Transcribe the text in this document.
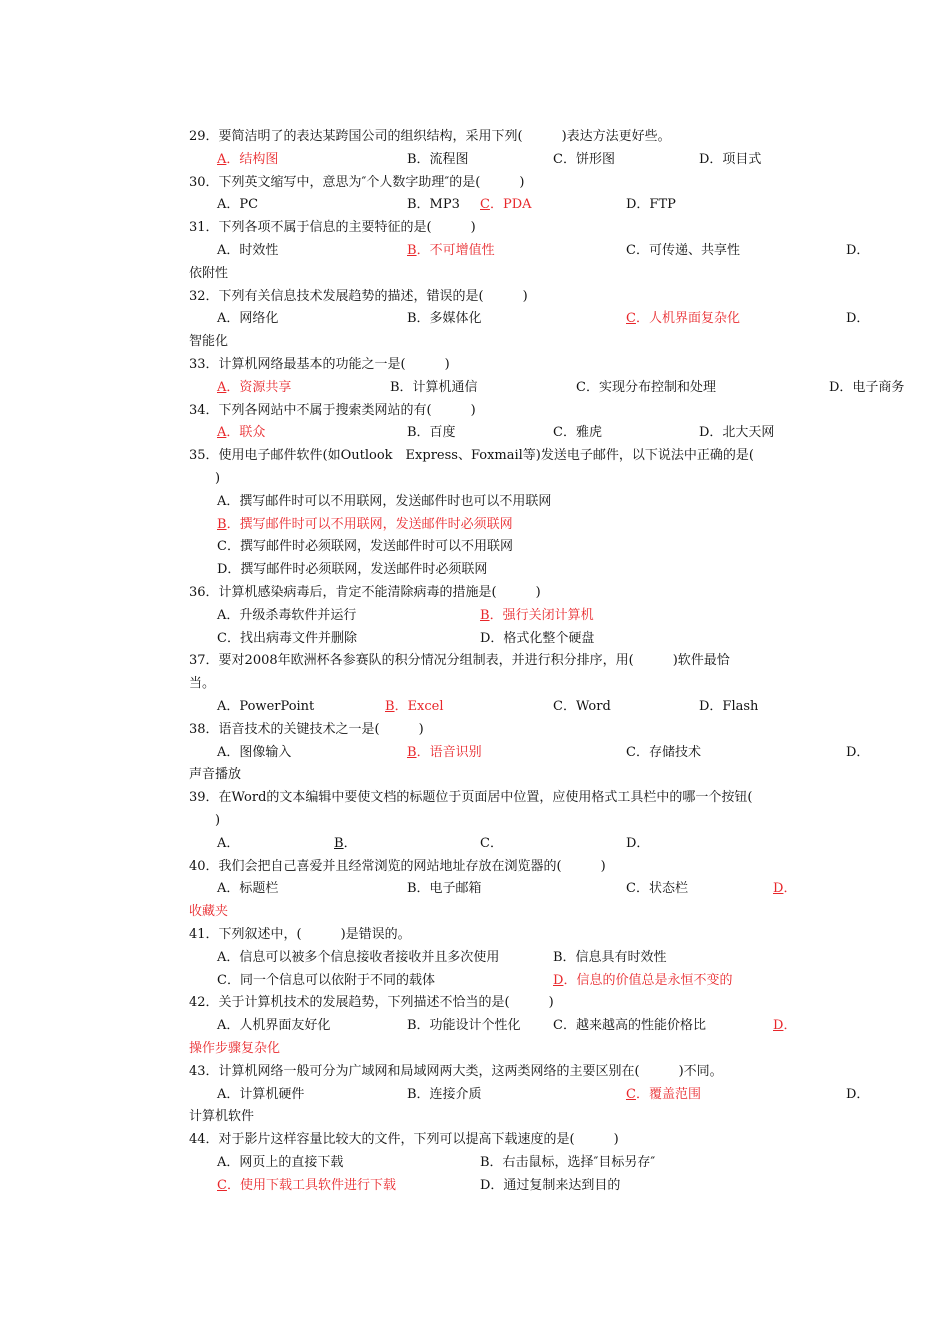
29．要简洁明了的表达某跨国公司的组织结构，采用下列(　　　)表达方法更好些。
A．结构图	B．流程图	C．饼形图	D．项目式
30．下列英文缩写中，意思为″个人数字助理″的是(　　　)
A．PC	B．MP3 C．PDA	D．FTP
31．下列各项不属于信息的主要特征的是(　　　)
A．时效性	B．不可增值性	C．可传递、共享性	D．
依附性
32．下列有关信息技术发展趋势的描述，错误的是(　　　)
A．网络化	B．多媒体化	C．人机界面复杂化	D．
智能化
33．计算机网络最基本的功能之一是(　　　)
A．资源共享	B．计算机通信	C．实现分布控制和处理	D．电子商务
34．下列各网站中不属于搜索类网站的有(　　　)
A．联众	B．百度	C．雅虎	D．北大天网
35．使用电子邮件软件(如Outlook　Express、Foxmail等)发送电子邮件，以下说法中正确的是(
　　)
A．撰写邮件时可以不用联网，发送邮件时也可以不用联网
B．撰写邮件时可以不用联网，发送邮件时必须联网
C．撰写邮件时必须联网，发送邮件时可以不用联网
D．撰写邮件时必须联网，发送邮件时必须联网
36．计算机感染病毒后，肯定不能清除病毒的措施是(　　　)
A．升级杀毒软件并运行	B．强行关闭计算机
C．找出病毒文件并删除	D．格式化整个硬盘
37．要对2008年欧洲杯各参赛队的积分情况分组制表，并进行积分排序，用(　　　)软件最恰
当。
A．PowerPoint	B．Excel	C．Word	D．Flash
38．语音技术的关键技术之一是(　　　)
A．图像输入	B．语音识别	C．存储技术	D．
声音播放
39．在Word的文本编辑中要使文档的标题位于页面居中位置，应使用格式工具栏中的哪一个按钮(
　　)
A．	B．	C．	D．
40．我们会把自己喜爱并且经常浏览的网站地址存放在浏览器的(　　　)
A．标题栏	B．电子邮箱	C．状态栏	D．
收藏夹
41．下列叙述中，(　　　)是错误的。
A．信息可以被多个信息接收者接收并且多次使用	B．信息具有时效性
C．同一个信息可以依附于不同的载体	D．信息的价值总是永恒不变的
42．关于计算机技术的发展趋势，下列描述不恰当的是(　　　)
A．人机界面友好化	B．功能设计个性化 C．越来越高的性能价格比	D．
操作步骤复杂化
43．计算机网络一般可分为广域网和局域网两大类，这两类网络的主要区别在(　　　)不同。
A．计算机硬件	B．连接介质	C．覆盖范围	D．
计算机软件
44．对于影片这样容量比较大的文件，下列可以提高下载速度的是(　　　)
A．网页上的直接下载	B．右击鼠标，选择″目标另存″
C．使用下载工具软件进行下载	D．通过复制来达到目的
